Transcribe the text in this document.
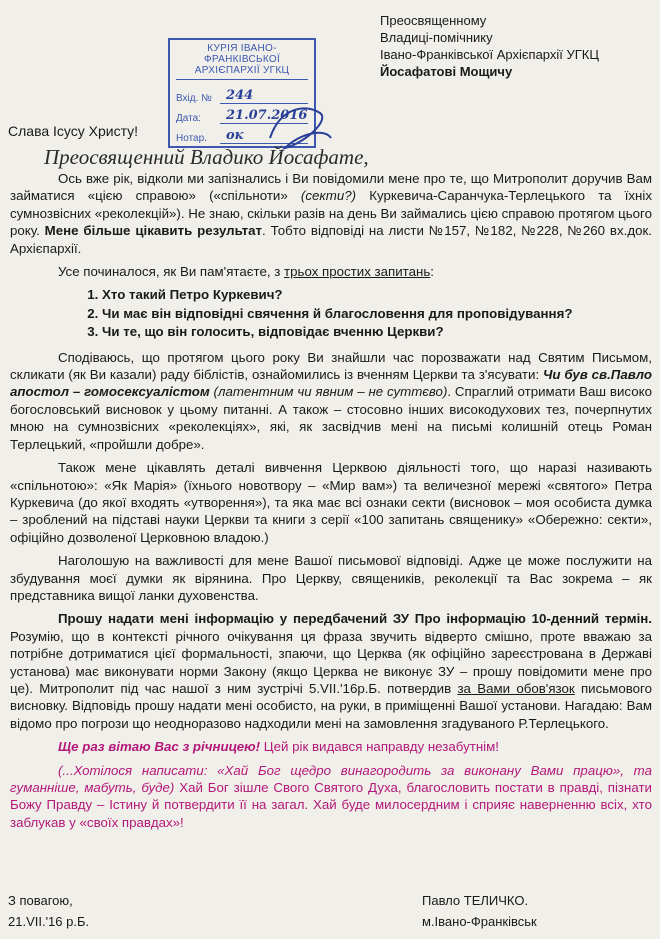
Преосвященному
Владиці-помічнику
Івано-Франківської Архієпархії УГКЦ
Йосафатові Мощичу
КУРІЯ ІВАНО-ФРАНКІВСЬКОЇ
АРХІЄПАРХІЇ УГКЦ
Вхід. №	244
Дата:	21.07.2016
Нотар.	ок
Слава Ісусу Христу!
Преосвященний Владико Йосафате,

Ось вже рік, відколи ми запізнались і Ви повідомили мене про те, що Митрополит доручив Вам займатися «цією справою» («спільноти» (секти?) Куркевича-Саранчука-Терлецького та їхніх сумнозвісних «реколекцій»). Не знаю, скільки разів на день Ви займались цією справою протягом цього року. Мене більше цікавить результат. Тобто відповіді на листи №157, №182, №228, №260 вх.док. Архієпархії.

Усе починалося, як Ви пам'ятаєте, з трьох простих запитань:

1. Хто такий Петро Куркевич?
2. Чи має він відповідні свячення й благословення для проповідування?
3. Чи те, що він голосить, відповідає вченню Церкви?

Сподіваюсь, що протягом цього року Ви знайшли час порозважати над Святим Письмом, скликати (як Ви казали) раду біблістів, ознайомились із вченням Церкви та з'ясувати: Чи був св.Павло апостол – гомосексуалістом (латентним чи явним – не суттєво). Спраглий отримати Ваш високо богословський висновок у цьому питанні. А також – стосовно інших високодухових тез, почерпнутих мною на сумнозвісних «реколекціях», які, як засвідчив мені на письмі колишній отець Роман Терлецький, «пройшли добре».

Також мене цікавлять деталі вивчення Церквою діяльності того, що наразі називають «спільнотою»: «Як Марія» (їхнього новотвору – «Мир вам») та величезної мережі «святого» Петра Куркевича (до якої входять «утворення»), та яка має всі ознаки секти (висновок – моя особиста думка – зроблений на підставі науки Церкви та книги з серії «100 запитань священику» «Обережно: секти», офіційно дозволеної Церковною владою.)

Наголошую на важливості для мене Вашої письмової відповіді. Адже це може послужити на збудування моєї думки як вірянина. Про Церкву, священиків, реколекції та Вас зокрема – як представника вищої ланки духовенства.

Прошу надати мені інформацію у передбачений ЗУ Про інформацію 10-денний термін. Розумію, що в контексті річного очікування ця фраза звучить відверто смішно, проте вважаю за потрібне дотриматися цієї формальності, зпаючи, що Церква (як офіційно зареєстрована в Державі установа) має виконувати норми Закону (якщо Церква не виконує ЗУ – прошу повідомити мене про це). Митрополит під час нашої з ним зустрічі 5.VII.'16р.Б. потвердив за Вами обов'язок письмового висновку. Відповідь прошу надати мені особисто, на руки, в приміщенні Вашої установи. Нагадаю: Вам відомо про погрози що неодноразово надходили мені на замовлення згадуваного Р.Терлецького.

Ще раз вітаю Вас з річницею! Цей рік видався направду незабутнім!

(...Хотілося написати: «Хай Бог щедро винагородить за виконану Вами працю», та гуманніше, мабуть, буде) Хай Бог зішле Свого Святого Духа, благословить постати в правді, пізнати Божу Правду – Істину й потвердити її на загал. Хай буде милосердним і сприяє наверненню всіх, хто заблукав у «своїх правдах»!

З повагою,
21.VII.'16 р.Б.
Павло ТЕЛИЧКО.
м.Івано-Франківськ
